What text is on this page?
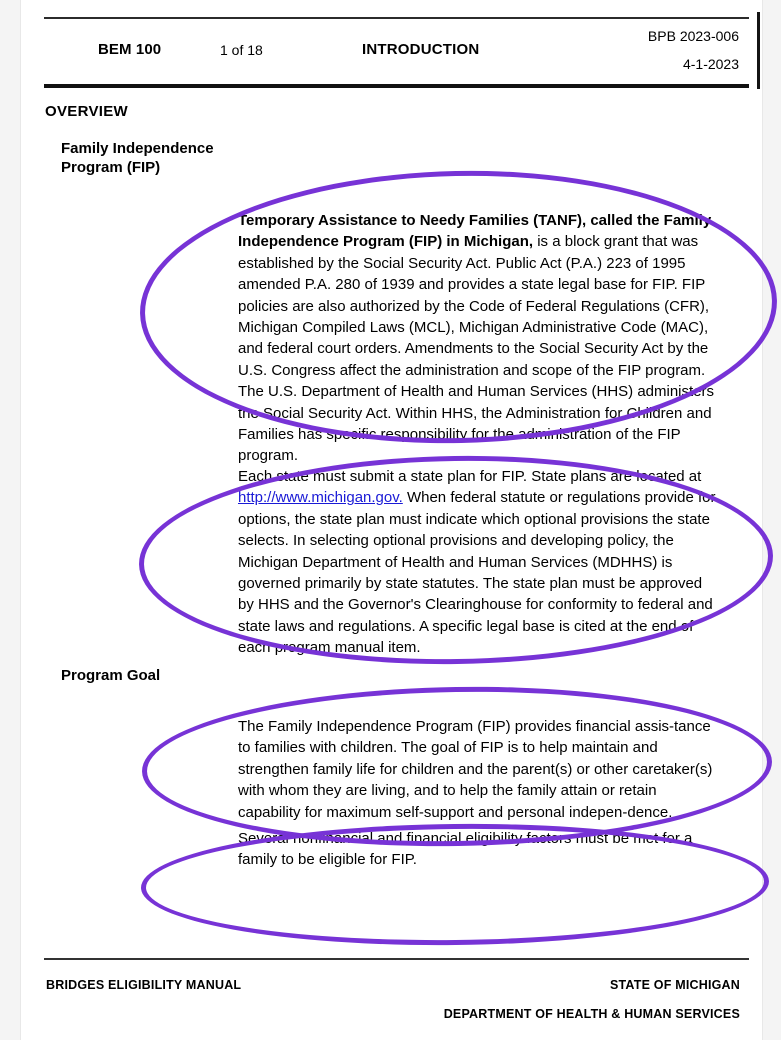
BEM 100	1 of 18	INTRODUCTION
BPB 2023-006
4-1-2023
OVERVIEW
Family Independence Program (FIP)
Program Goal
Temporary Assistance to Needy Families (TANF), called the Family Independence Program (FIP) in Michigan, is a block grant that was established by the Social Security Act. Public Act (P.A.) 223 of 1995 amended P.A. 280 of 1939 and provides a state legal base for FIP. FIP policies are also authorized by the Code of Federal Regulations (CFR), Michigan Compiled Laws (MCL), Michigan Administrative Code (MAC), and federal court orders. Amendments to the Social Security Act by the U.S. Congress affect the administration and scope of the FIP program. The U.S. Department of Health and Human Services (HHS) administers the Social Security Act. Within HHS, the Administration for Children and Families has specific responsibility for the administration of the FIP program.
Each state must submit a state plan for FIP. State plans are located at http://www.michigan.gov. When federal statute or regulations provide for options, the state plan must indicate which optional provisions the state selects. In selecting optional provisions and developing policy, the Michigan Department of Health and Human Services (MDHHS) is governed primarily by state statutes. The state plan must be approved by HHS and the Governor's Clearinghouse for conformity to federal and state laws and regulations. A specific legal base is cited at the end of each program manual item.
The Family Independence Program (FIP) provides financial assis-tance to families with children. The goal of FIP is to help maintain and strengthen family life for children and the parent(s) or other caretaker(s) with whom they are living, and to help the family attain or retain capability for maximum self-support and personal indepen-dence.
Several nonfinancial and financial eligibility factors must be met for a family to be eligible for FIP.
BRIDGES ELIGIBILITY MANUAL	STATE OF MICHIGAN
DEPARTMENT OF HEALTH & HUMAN SERVICES
